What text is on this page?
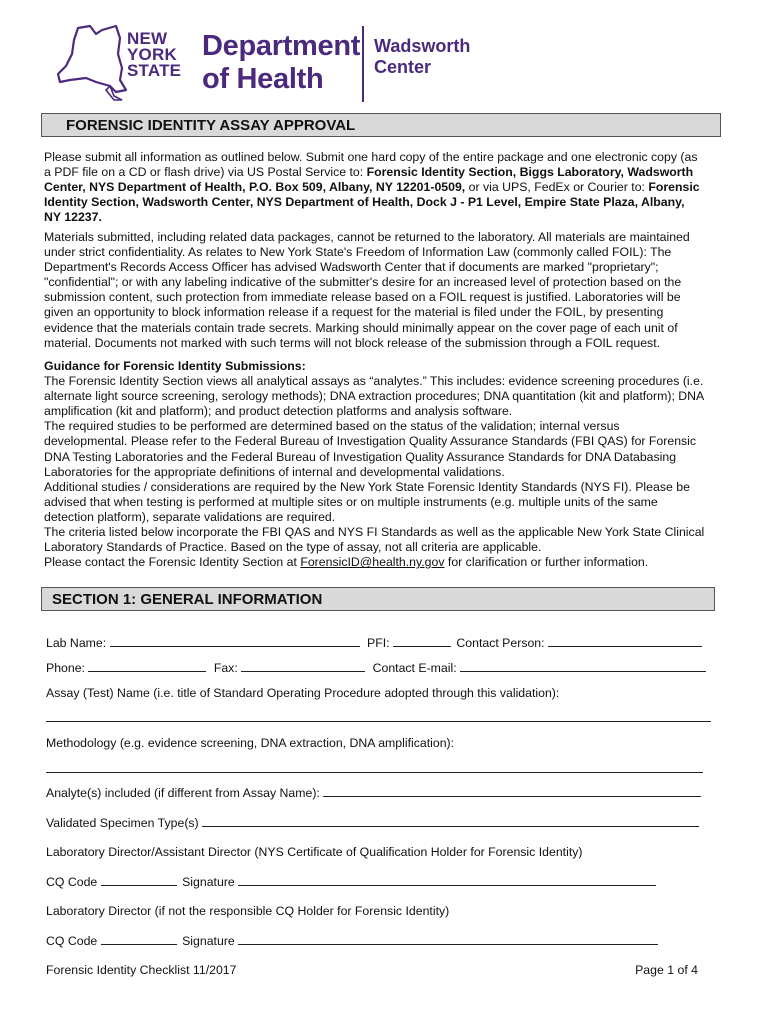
NEW
YORK
STATE
Department
of Health
Wadsworth
Center
FORENSIC IDENTITY ASSAY APPROVAL
Please submit all information as outlined below. Submit one hard copy of the entire package and one electronic copy (as
a PDF file on a CD or flash drive) via US Postal Service to: Forensic Identity Section, Biggs Laboratory, Wadsworth
Center, NYS Department of Health, P.O. Box 509, Albany, NY 12201-0509, or via UPS, FedEx or Courier to: Forensic
Identity Section, Wadsworth Center, NYS Department of Health, Dock J - P1 Level, Empire State Plaza, Albany,
NY 12237.
Materials submitted, including related data packages, cannot be returned to the laboratory. All materials are maintained
under strict confidentiality. As relates to New York State's Freedom of Information Law (commonly called FOIL): The
Department's Records Access Officer has advised Wadsworth Center that if documents are marked "proprietary";
"confidential"; or with any labeling indicative of the submitter's desire for an increased level of protection based on the
submission content, such protection from immediate release based on a FOIL request is justified. Laboratories will be
given an opportunity to block information release if a request for the material is filed under the FOIL, by presenting
evidence that the materials contain trade secrets. Marking should minimally appear on the cover page of each unit of
material. Documents not marked with such terms will not block release of the submission through a FOIL request.
Guidance for Forensic Identity Submissions:
The Forensic Identity Section views all analytical assays as “analytes.” This includes: evidence screening procedures (i.e.
alternate light source screening, serology methods); DNA extraction procedures; DNA quantitation (kit and platform); DNA
amplification (kit and platform); and product detection platforms and analysis software.
The required studies to be performed are determined based on the status of the validation; internal versus
developmental. Please refer to the Federal Bureau of Investigation Quality Assurance Standards (FBI QAS) for Forensic
DNA Testing Laboratories and the Federal Bureau of Investigation Quality Assurance Standards for DNA Databasing
Laboratories for the appropriate definitions of internal and developmental validations.
Additional studies / considerations are required by the New York State Forensic Identity Standards (NYS FI). Please be
advised that when testing is performed at multiple sites or on multiple instruments (e.g. multiple units of the same
detection platform), separate validations are required.
The criteria listed below incorporate the FBI QAS and NYS FI Standards as well as the applicable New York State Clinical
Laboratory Standards of Practice. Based on the type of assay, not all criteria are applicable.
Please contact the Forensic Identity Section at ForensicID@health.ny.gov for clarification or further information.
SECTION 1: GENERAL INFORMATION
Lab Name:	PFI:	Contact Person:
Phone:	Fax:	Contact E-mail:
Assay (Test) Name (i.e. title of Standard Operating Procedure adopted through this validation):
Methodology (e.g. evidence screening, DNA extraction, DNA amplification):
Analyte(s) included (if different from Assay Name):
Validated Specimen Type(s)
Laboratory Director/Assistant Director (NYS Certificate of Qualification Holder for Forensic Identity)
CQ Code	Signature
Laboratory Director (if not the responsible CQ Holder for Forensic Identity)
CQ Code	Signature
Forensic Identity Checklist 11/2017	Page 1 of 4
